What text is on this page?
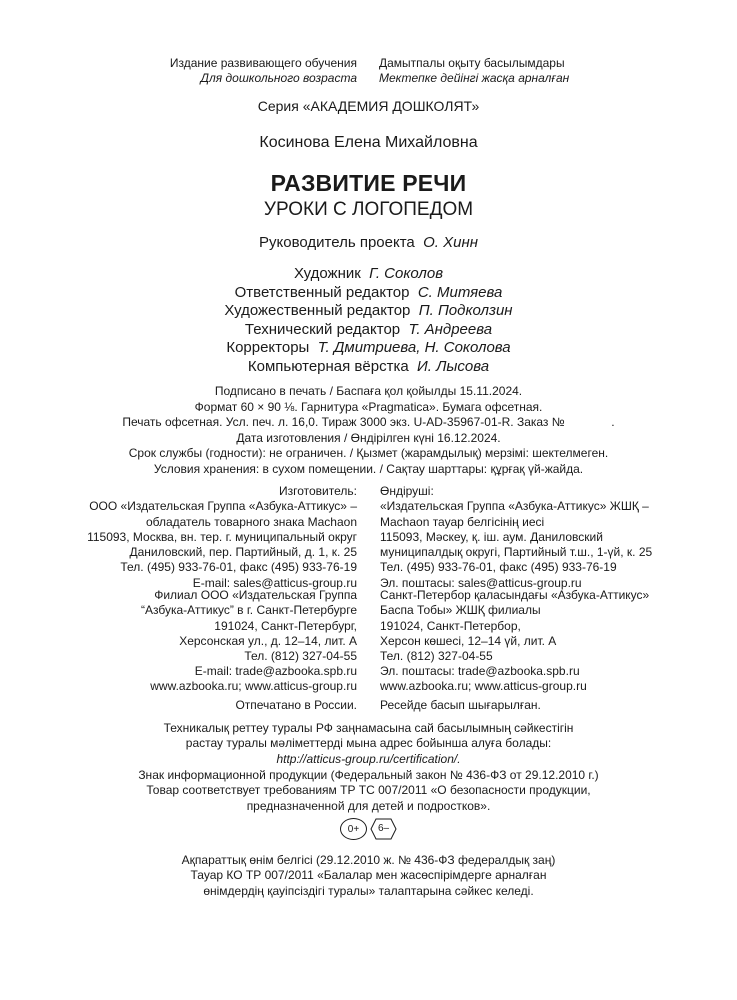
Издание развивающего обучения
Для дошкольного возраста
Дамытпалы оқыту басылымдары
Мектепке дейінгі жасқа арналған
Серия «АКАДЕМИЯ ДОШКОЛЯТ»
Косинова Елена Михайловна
РАЗВИТИЕ РЕЧИ
УРОКИ С ЛОГОПЕДОМ
Руководитель проекта О. Хинн
Художник Г. Соколов
Ответственный редактор С. Митяева
Художественный редактор П. Подколзин
Технический редактор Т. Андреева
Корректоры Т. Дмитриева, Н. Соколова
Компьютерная вёрстка И. Лысова
Подписано в печать / Баспаға қол қойылды 15.11.2024.
Формат 60 × 90 ⅛. Гарнитура «Pragmatica». Бумага офсетная.
Печать офсетная. Усл. печ. л. 16,0. Тираж 3000 экз. U-AD-35967-01-R. Заказ №              .
Дата изготовления / Өндірілген күні 16.12.2024.
Срок службы (годности): не ограничен. / Қызмет (жарамдылық) мерзімі: шектелмеген.
Условия хранения: в сухом помещении. / Сақтау шарттары: құрғақ үй-жайда.
Изготовитель:
ООО «Издательская Группа «Азбука-Аттикус» –
обладатель товарного знака Machaon
115093, Москва, вн. тер. г. муниципальный округ
Даниловский, пер. Партийный, д. 1, к. 25
Тел. (495) 933-76-01, факс (495) 933-76-19
E-mail: sales@atticus-group.ru
Өндіруші:
«Издательская Группа «Азбука-Аттикус» ЖШҚ –
Machaon тауар белгісінің иесі
115093, Мәскеу, қ. іш. аум. Даниловский
муниципалдық округі, Партийный т.ш., 1-үй, к. 25
Тел. (495) 933-76-01, факс (495) 933-76-19
Эл. поштасы: sales@atticus-group.ru
Филиал ООО «Издательская Группа
“Азбука-Аттикус” в г. Санкт-Петербурге
191024, Санкт-Петербург,
Херсонская ул., д. 12–14, лит. А
Тел. (812) 327-04-55
E-mail: trade@azbooka.spb.ru
Санкт-Петербор қаласындағы «Азбука-Аттикус»
Баспа Тобы» ЖШҚ филиалы
191024, Санкт-Петербор,
Херсон көшесі, 12–14 үй, лит. А
Тел. (812) 327-04-55
Эл. поштасы: trade@azbooka.spb.ru
www.azbooka.ru; www.atticus-group.ru www.azbooka.ru; www.atticus-group.ru
Отпечатано в России. Ресейде басып шығарылған.
Техникалық реттеу туралы РФ заңнамасына сай басылымның сәйкестігін
растау туралы мәліметтерді мына адрес бойынша алуға болады:
http://atticus-group.ru/certification/.
Знак информационной продукции (Федеральный закон № 436-ФЗ от 29.12.2010 г.)
Товар соответствует требованиям ТР ТС 007/2011 «О безопасности продукции,
предназначенной для детей и подростков».
0+	6–
Ақпараттық өнім белгісі (29.12.2010 ж. № 436-ФЗ федералдық заң)
Тауар КО ТР 007/2011 «Балалар мен жасөспірімдерге арналған
өнімдердің қауіпсіздігі туралы» талаптарына сәйкес келеді.
